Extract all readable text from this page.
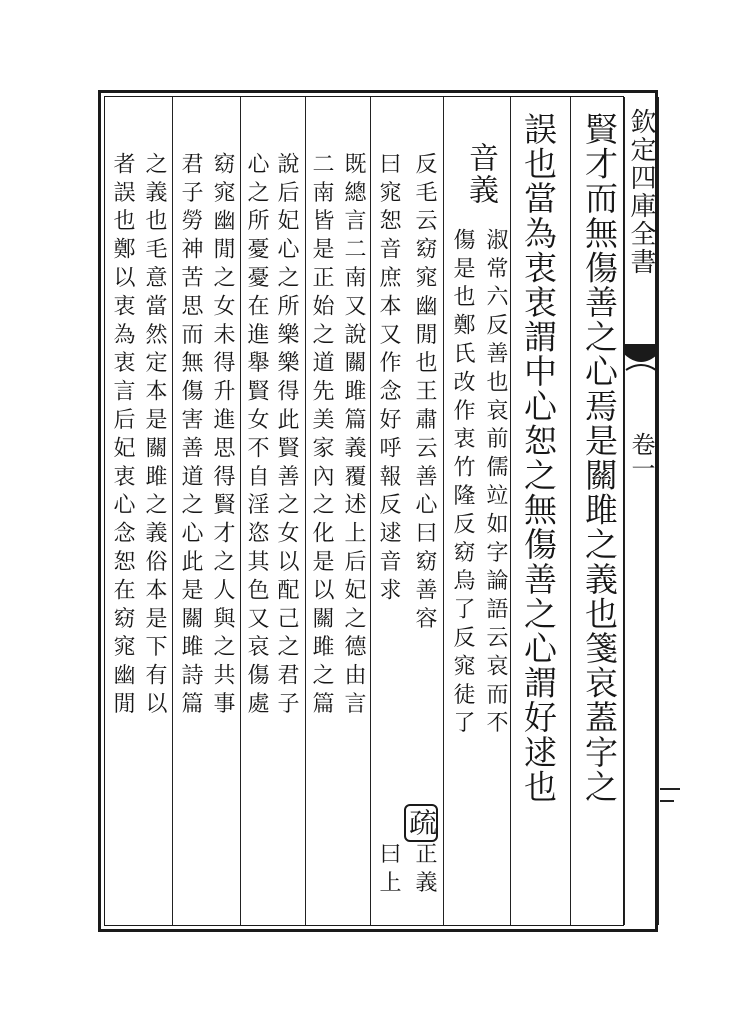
欽定四庫全書
卷一
賢才而無傷善之心焉是關雎之義也箋哀蓋字之
誤也當為衷衷謂中心恕之無傷善之心謂好逑也
淑常六反善也哀前儒竝如字論語云哀而不
傷是也鄭氏改作衷竹隆反窈烏了反窕徒了
音義
反毛云窈窕幽閒也王肅云善心曰窈善容
曰窕恕音庶本又作念好呼報反逑音求
疏
曰上 正義
既總言二南又說關雎篇義覆述上后妃之德由言
二南皆是正始之道先美家內之化是以關雎之篇
說后妃心之所樂樂得此賢善之女以配己之君子
心之所憂憂在進舉賢女不自淫恣其色又哀傷處
窈窕幽閒之女未得升進思得賢才之人與之共事
君子勞神苦思而無傷害善道之心此是關雎詩篇
之義也毛意當然定本是關雎之義俗本是下有以
者誤也鄭以衷為衷言后妃衷心念恕在窈窕幽閒
